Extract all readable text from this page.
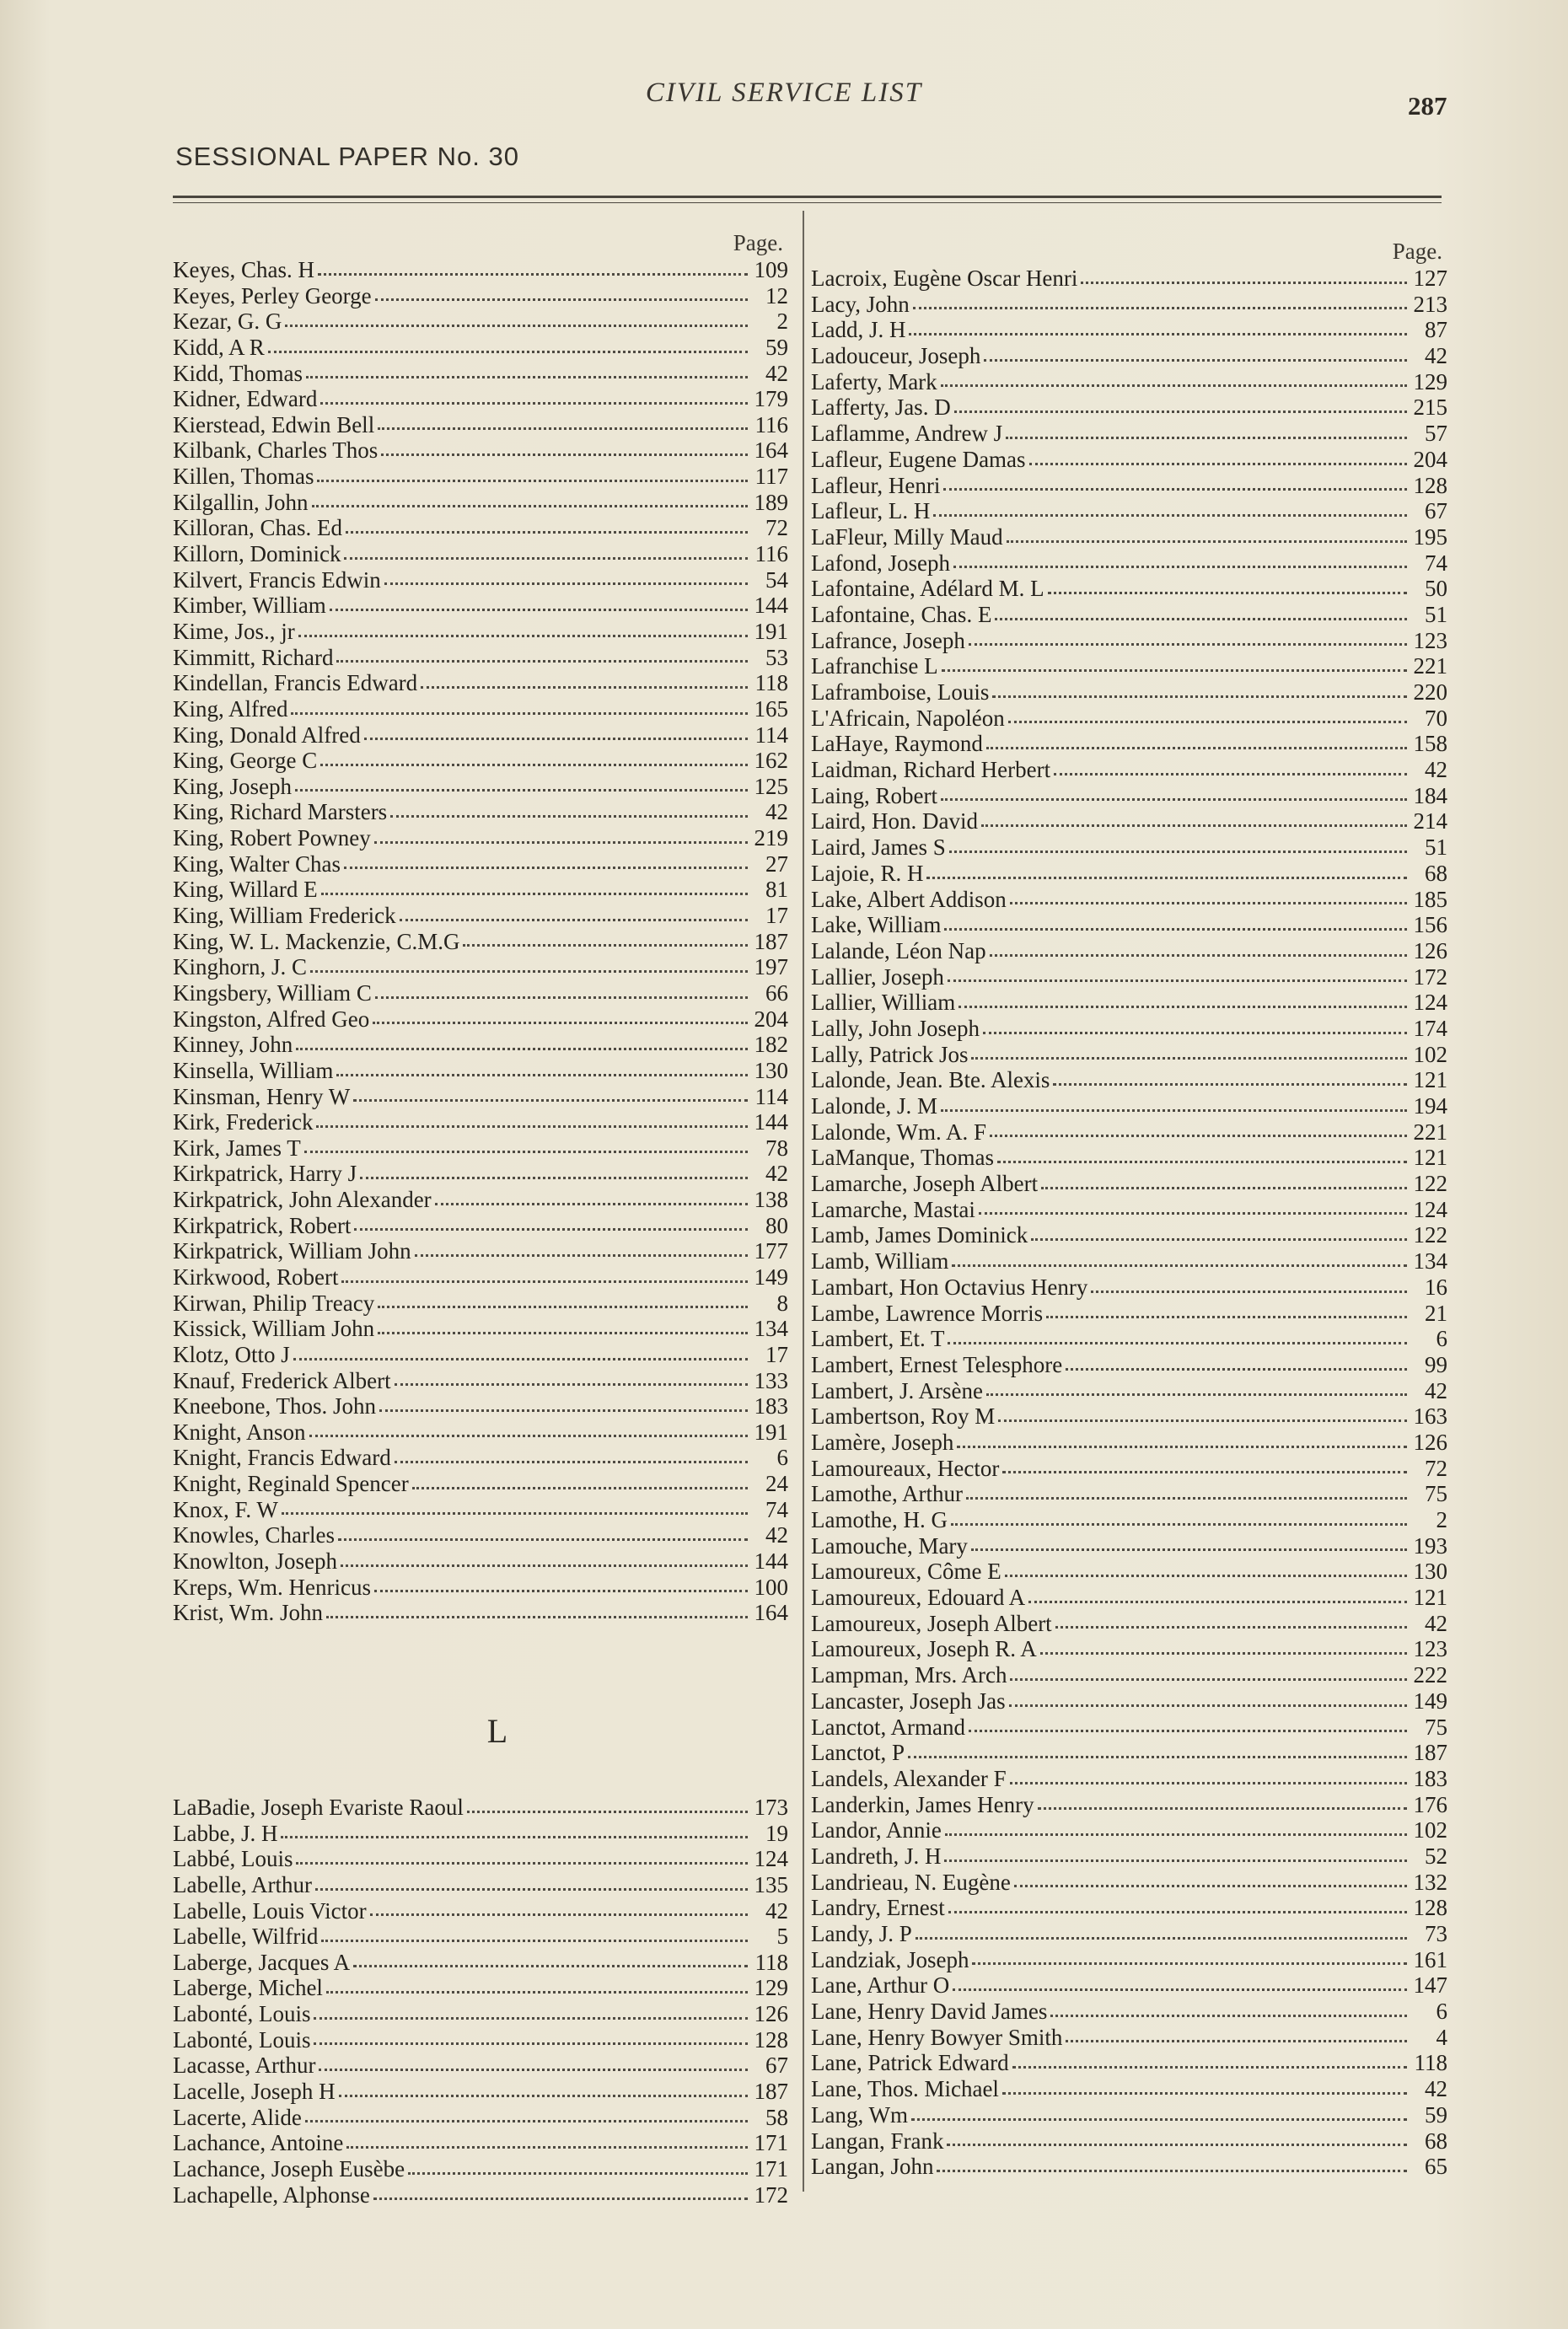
CIVIL SERVICE LIST	287
SESSIONAL PAPER No. 30
Page.
Keyes, Chas. H	109
Keyes, Perley George	12
Kezar, G. G	2
Kidd, A R	59
Kidd, Thomas	42
Kidner, Edward	179
Kierstead, Edwin Bell	116
Kilbank, Charles Thos	164
Killen, Thomas	117
Kilgallin, John	189
Killoran, Chas. Ed	72
Killorn, Dominick	116
Kilvert, Francis Edwin	54
Kimber, William	144
Kime, Jos., jr	191
Kimmitt, Richard	53
Kindellan, Francis Edward	118
King, Alfred	165
King, Donald Alfred	114
King, George C	162
King, Joseph	125
King, Richard Marsters	42
King, Robert Powney	219
King, Walter Chas	27
King, Willard E	81
King, William Frederick	17
King, W. L. Mackenzie, C.M.G	187
Kinghorn, J. C	197
Kingsbery, William C	66
Kingston, Alfred Geo	204
Kinney, John	182
Kinsella, William	130
Kinsman, Henry W	114
Kirk, Frederick	144
Kirk, James T	78
Kirkpatrick, Harry J	42
Kirkpatrick, John Alexander	138
Kirkpatrick, Robert	80
Kirkpatrick, William John	177
Kirkwood, Robert	149
Kirwan, Philip Treacy	8
Kissick, William John	134
Klotz, Otto J	17
Knauf, Frederick Albert	133
Kneebone, Thos. John	183
Knight, Anson	191
Knight, Francis Edward	6
Knight, Reginald Spencer	24
Knox, F. W	74
Knowles, Charles	42
Knowlton, Joseph	144
Kreps, Wm. Henricus	100
Krist, Wm. John	164
L
LaBadie, Joseph Evariste Raoul	173
Labbe, J. H	19
Labbé, Louis	124
Labelle, Arthur	135
Labelle, Louis Victor	42
Labelle, Wilfrid	5
Laberge, Jacques A	118
Laberge, Michel	129
Labonté, Louis	126
Labonté, Louis	128
Lacasse, Arthur	67
Lacelle, Joseph H	187
Lacerte, Alide	58
Lachance, Antoine	171
Lachance, Joseph Eusèbe	171
Lachapelle, Alphonse	172
Page.
Lacroix, Eugène Oscar Henri	127
Lacy, John	213
Ladd, J. H	87
Ladouceur, Joseph	42
Laferty, Mark	129
Lafferty, Jas. D	215
Laflamme, Andrew J	57
Lafleur, Eugene Damas	204
Lafleur, Henri	128
Lafleur, L. H	67
LaFleur, Milly Maud	195
Lafond, Joseph	74
Lafontaine, Adélard M. L	50
Lafontaine, Chas. E	51
Lafrance, Joseph	123
Lafranchise L	221
Laframboise, Louis	220
L'Africain, Napoléon	70
LaHaye, Raymond	158
Laidman, Richard Herbert	42
Laing, Robert	184
Laird, Hon. David	214
Laird, James S	51
Lajoie, R. H	68
Lake, Albert Addison	185
Lake, William	156
Lalande, Léon Nap	126
Lallier, Joseph	172
Lallier, William	124
Lally, John Joseph	174
Lally, Patrick Jos	102
Lalonde, Jean. Bte. Alexis	121
Lalonde, J. M	194
Lalonde, Wm. A. F	221
LaManque, Thomas	121
Lamarche, Joseph Albert	122
Lamarche, Mastai	124
Lamb, James Dominick	122
Lamb, William	134
Lambart, Hon Octavius Henry	16
Lambe, Lawrence Morris	21
Lambert, Et. T	6
Lambert, Ernest Telesphore	99
Lambert, J. Arsène	42
Lambertson, Roy M	163
Lamère, Joseph	126
Lamoureaux, Hector	72
Lamothe, Arthur	75
Lamothe, H. G	2
Lamouche, Mary	193
Lamoureux, Côme E	130
Lamoureux, Edouard A	121
Lamoureux, Joseph Albert	42
Lamoureux, Joseph R. A	123
Lampman, Mrs. Arch	222
Lancaster, Joseph Jas	149
Lanctot, Armand	75
Lanctot, P	187
Landels, Alexander F	183
Landerkin, James Henry	176
Landor, Annie	102
Landreth, J. H	52
Landrieau, N. Eugène	132
Landry, Ernest	128
Landy, J. P	73
Landziak, Joseph	161
Lane, Arthur O	147
Lane, Henry David James	6
Lane, Henry Bowyer Smith	4
Lane, Patrick Edward	118
Lane, Thos. Michael	42
Lang, Wm	59
Langan, Frank	68
Langan, John	65
